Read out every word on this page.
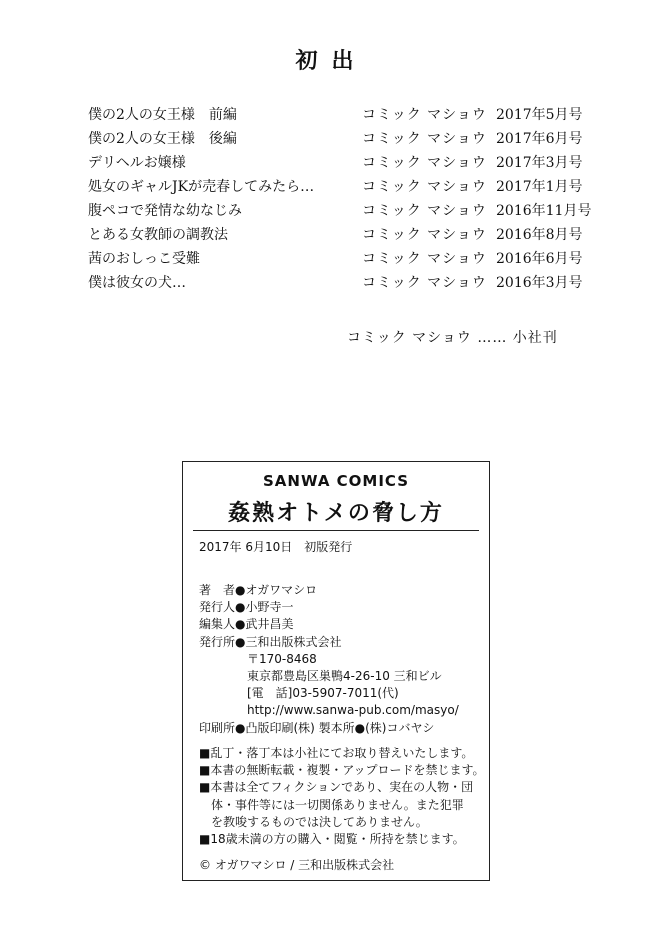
初出
僕の2人の女王様　前編	コミック マショウ 2017年5月号
僕の2人の女王様　後編	コミック マショウ 2017年6月号
デリヘルお嬢様	コミック マショウ 2017年3月号
処女のギャルJKが売春してみたら…	コミック マショウ 2017年1月号
腹ペコで発情な幼なじみ	コミック マショウ 2016年11月号
とある女教師の調教法	コミック マショウ 2016年8月号
茜のおしっこ受難	コミック マショウ 2016年6月号
僕は彼女の犬…	コミック マショウ 2016年3月号
コミック マショウ …… 小社刊
SANWA COMICS
姦熟オトメの脅し方
2017年 6月10日　初版発行
著　者●オガワマシロ
発行人●小野寺一
編集人●武井昌美
発行所●三和出版株式会社
〒170-8468
東京都豊島区巣鴨4-26-10 三和ビル
[電　話]03-5907-7011(代)
http://www.sanwa-pub.com/masyo/
印刷所●凸版印刷(株) 製本所●(株)コバヤシ
■乱丁・落丁本は小社にてお取り替えいたします。
■本書の無断転載・複製・アップロードを禁じます。
■本書は全てフィクションであり、実在の人物・団
　体・事件等には一切関係ありません。また犯罪
　を教唆するものでは決してありません。
■18歳未満の方の購入・閲覧・所持を禁じます。
© オガワマシロ / 三和出版株式会社
